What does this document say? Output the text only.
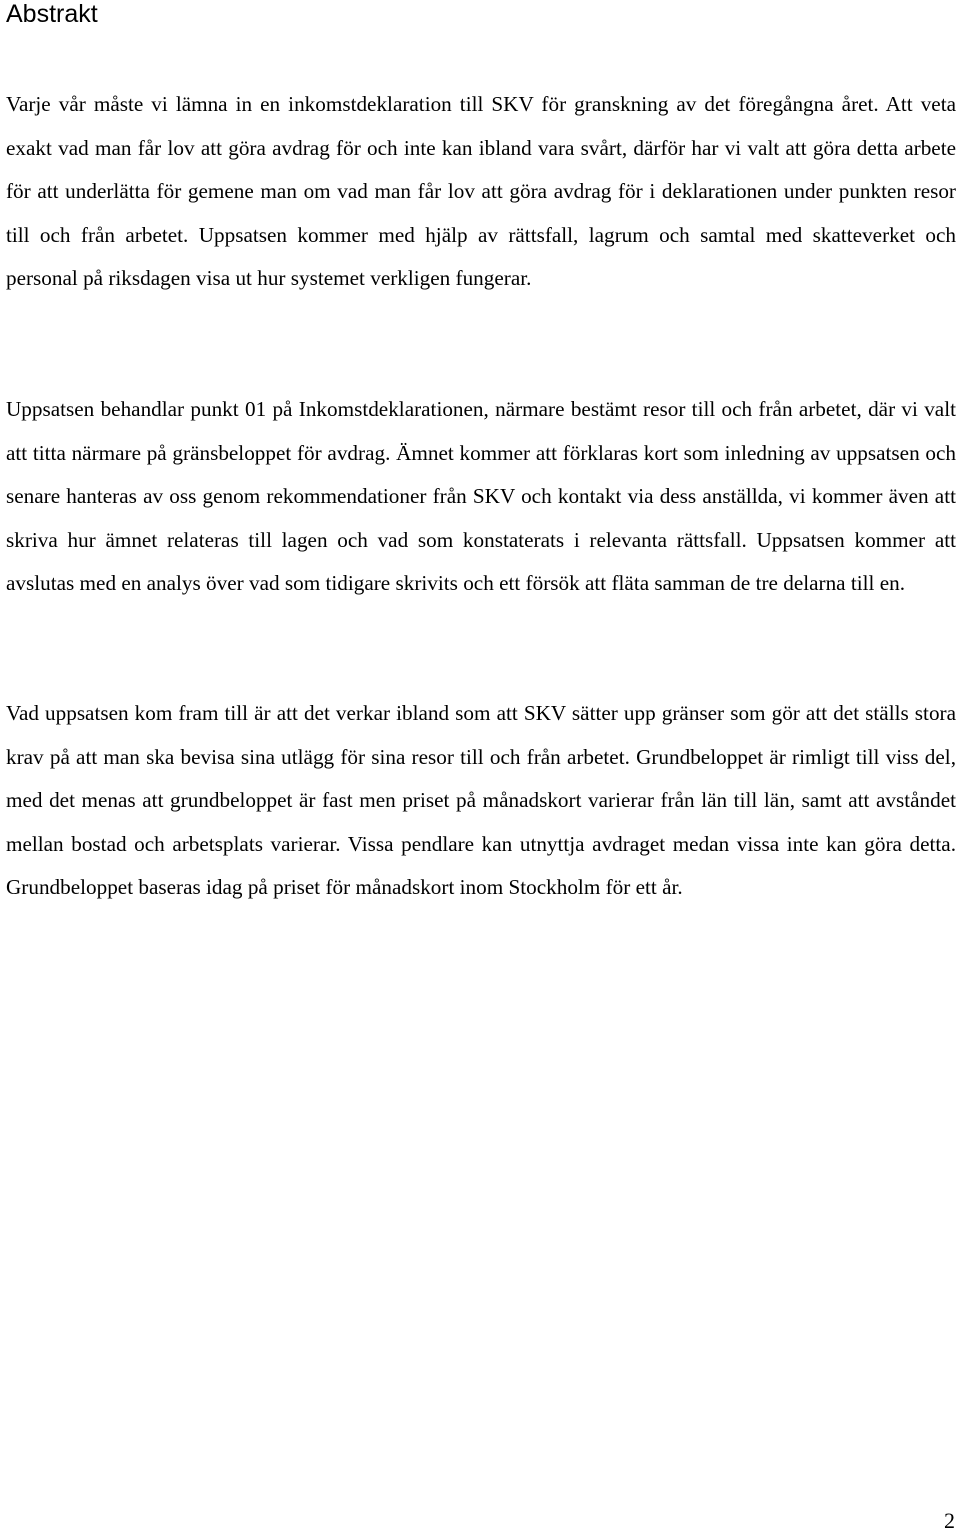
Abstrakt

Varje vår måste vi lämna in en inkomstdeklaration till SKV för granskning av det föregångna året. Att veta exakt vad man får lov att göra avdrag för och inte kan ibland vara svårt, därför har vi valt att göra detta arbete för att underlätta för gemene man om vad man får lov att göra avdrag för i deklarationen under punkten resor till och från arbetet. Uppsatsen kommer med hjälp av rättsfall, lagrum och samtal med skatteverket och personal på riksdagen visa ut hur systemet verkligen fungerar.

Uppsatsen behandlar punkt 01 på Inkomstdeklarationen, närmare bestämt resor till och från arbetet, där vi valt att titta närmare på gränsbeloppet för avdrag. Ämnet kommer att förklaras kort som inledning av uppsatsen och senare hanteras av oss genom rekommendationer från SKV och kontakt via dess anställda, vi kommer även att skriva hur ämnet relateras till lagen och vad som konstaterats i relevanta rättsfall. Uppsatsen kommer att avslutas med en analys över vad som tidigare skrivits och ett försök att fläta samman de tre delarna till en.

Vad uppsatsen kom fram till är att det verkar ibland som att SKV sätter upp gränser som gör att det ställs stora krav på att man ska bevisa sina utlägg för sina resor till och från arbetet. Grundbeloppet är rimligt till viss del, med det menas att grundbeloppet är fast men priset på månadskort varierar från län till län, samt att avståndet mellan bostad och arbetsplats varierar. Vissa pendlare kan utnyttja avdraget medan vissa inte kan göra detta. Grundbeloppet baseras idag på priset för månadskort inom Stockholm för ett år.

2
